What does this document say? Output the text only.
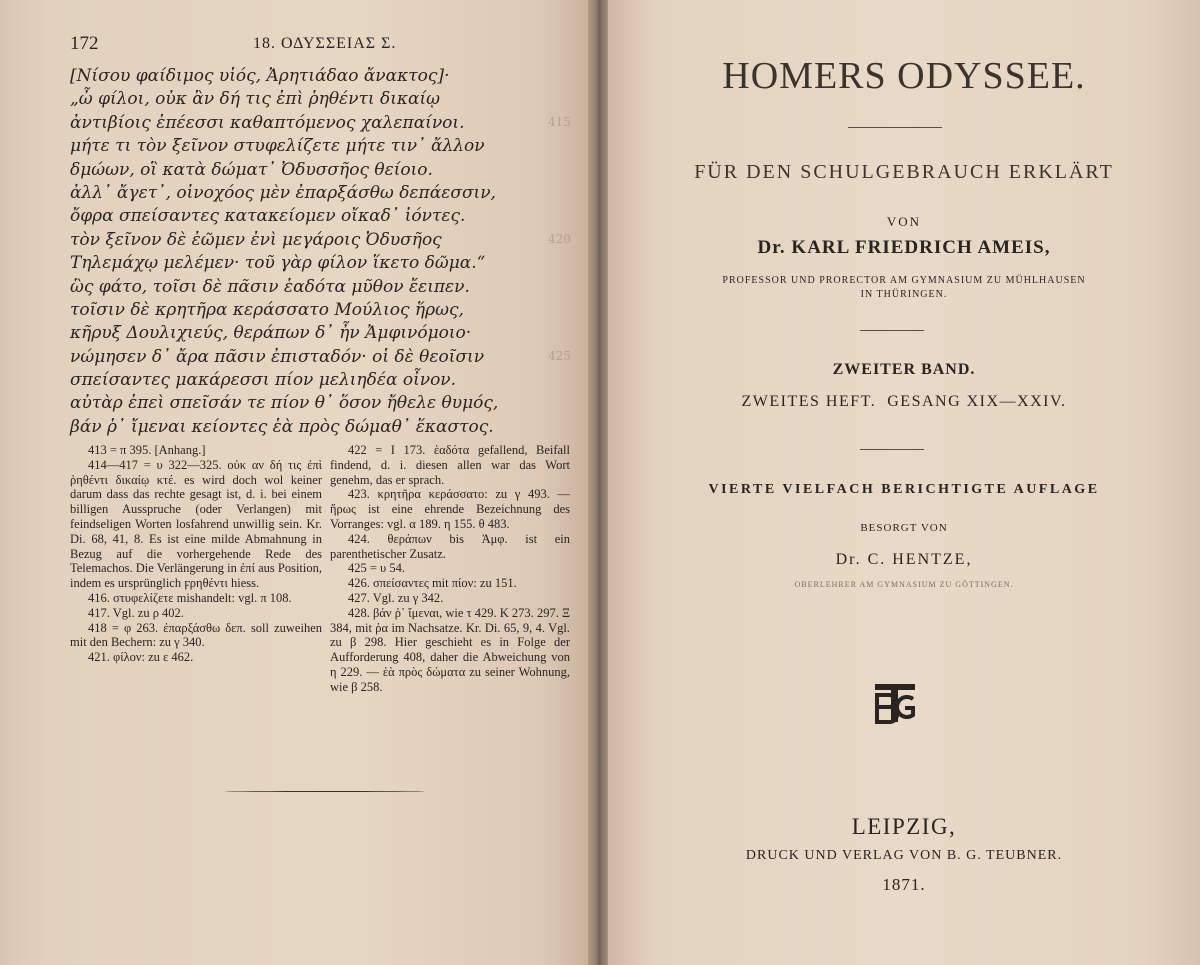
172	18. ΟΔΥΣΣΕΙΑΣ Σ.
[Νίσου φαίδιμος υἱός, Ἀρητιάδαο ἄνακτος]·
„ὦ φίλοι, οὐκ ἂν δή τις ἐπὶ ῥηθέντι δικαίῳ
ἀντιβίοις ἐπέεσσι καθαπτόμενος χαλεπαίνοι.	415
μήτε τι τὸν ξεῖνον στυφελίζετε μήτε τιν᾽ ἄλλον
δμώων, οἳ κατὰ δώματ᾽ Ὀδυσσῆος θείοιο.
ἀλλ᾽ ἄγετ᾽, οἰνοχόος μὲν ἐπαρξάσθω δεπάεσσιν,
ὄφρα σπείσαντες κατακείομεν οἴκαδ᾽ ἰόντες.
τὸν ξεῖνον δὲ ἐῶμεν ἐνὶ μεγάροις Ὀδυσῆος	420
Τηλεμάχῳ μελέμεν· τοῦ γὰρ φίλον ἵκετο δῶμα.“
ὣς φάτο, τοῖσι δὲ πᾶσιν ἑαδότα μῦθον ἔειπεν.
τοῖσιν δὲ κρητῆρα κεράσσατο Μούλιος ἥρως,
κῆρυξ Δουλιχιεύς, θεράπων δ᾽ ἦν Ἀμφινόμοιο·
νώμησεν δ᾽ ἄρα πᾶσιν ἐπισταδόν· οἱ δὲ θεοῖσιν	425
σπείσαντες μακάρεσσι πίον μελιηδέα οἶνον.
αὐτὰρ ἐπεὶ σπεῖσάν τε πίον θ᾽ ὅσον ἤθελε θυμός,
βάν ῥ᾽ ἴμεναι κείοντες ἑὰ πρὸς δώμαθ᾽ ἕκαστος.

413 = π 395. [Anhang.]

414—417 = υ 322—325. οὐκ αν δή τις ἐπὶ ῥηθέντι δικαίῳ κτέ. es wird doch wol keiner darum dass das rechte gesagt ist, d. i. bei einem billigen Ausspruche (oder Verlangen) mit feindseligen Worten losfahrend unwillig sein. Kr. Di. 68, 41, 8. Es ist eine milde Abmahnung in Bezug auf die vorhergehende Rede des Telemachos. Die Verlängerung in ἐπί aus Position, indem es ursprünglich ϝρηθέντι hiess.

416. στυφελίζετε mishandelt: vgl. π 108.

417. Vgl. zu ρ 402.

418 = φ 263. ἐπαρξάσθω δεπ. soll zuweihen mit den Bechern: zu γ 340.

421. φίλον: zu ε 462.

422 = Ι 173. ἑαδότα gefallend, Beifall findend, d. i. diesen allen war das Wort genehm, das er sprach.

423. κρητῆρα κεράσσατο: zu γ 493. — ἥρως ist eine ehrende Bezeichnung des Vorranges: vgl. α 189. η 155. θ 483.

424. θεράπων bis Ἀμφ. ist ein parenthetischer Zusatz.

425 = υ 54.

426. σπείσαντες mit πίον: zu 151.

427. Vgl. zu γ 342.

428. βάν ῥ᾽ ἴμεναι, wie τ 429. Κ 273. 297. Ξ 384, mit ῥα im Nachsatze. Kr. Di. 65, 9, 4. Vgl. zu β 298. Hier geschieht es in Folge der Aufforderung 408, daher die Abweichung von η 229. — ἑὰ πρὸς δώματα zu seiner Wohnung, wie β 258.

HOMERS ODYSSEE.
FÜR DEN SCHULGEBRAUCH ERKLÄRT
VON
Dr. KARL FRIEDRICH AMEIS,
PROFESSOR UND PRORECTOR AM GYMNASIUM ZU MÜHLHAUSEN
IN THÜRINGEN.
ZWEITER BAND.
ZWEITES HEFT.  GESANG XIX—XXIV.
VIERTE VIELFACH BERICHTIGTE AUFLAGE
BESORGT VON
Dr. C. HENTZE,
OBERLEHRER AM GYMNASIUM ZU GÖTTINGEN.
LEIPZIG,
DRUCK UND VERLAG VON B. G. TEUBNER.
1871.
